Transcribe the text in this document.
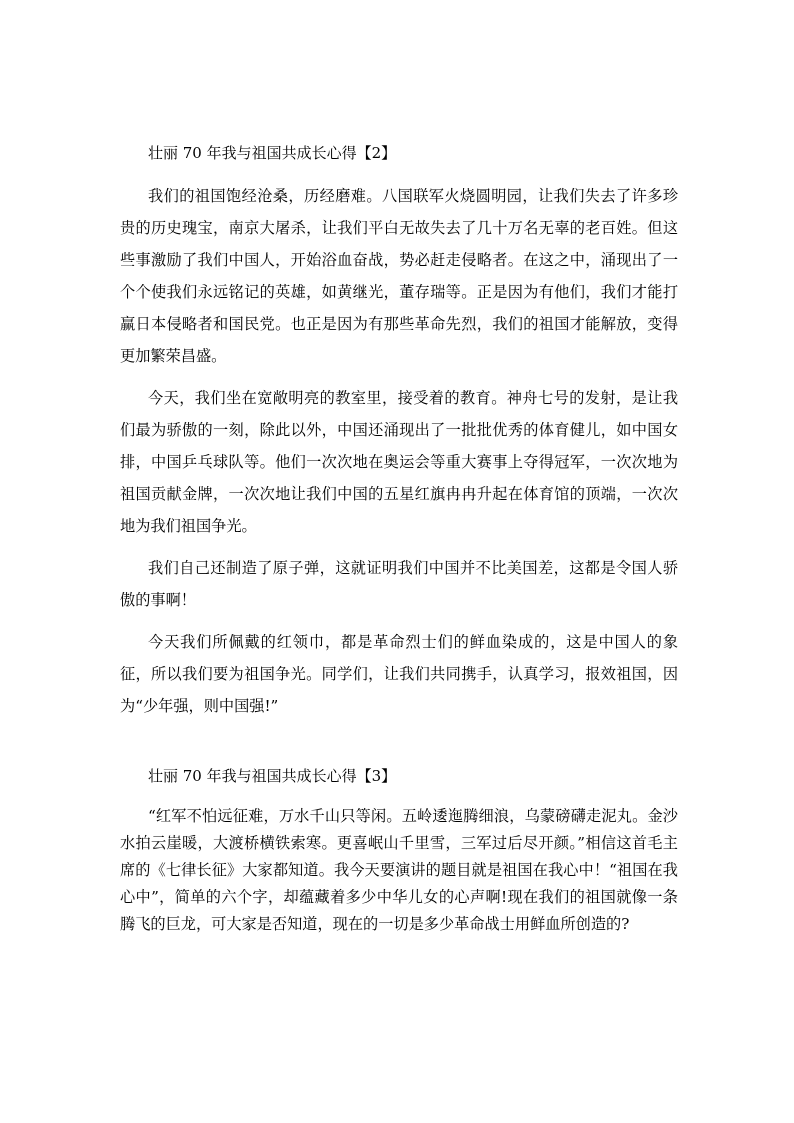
壮丽 70 年我与祖国共成长心得【2】

我们的祖国饱经沧桑，历经磨难。八国联军火烧圆明园，让我们失去了许多珍贵的历史瑰宝，南京大屠杀，让我们平白无故失去了几十万名无辜的老百姓。但这些事激励了我们中国人，开始浴血奋战，势必赶走侵略者。在这之中，涌现出了一个个使我们永远铭记的英雄，如黄继光，董存瑞等。正是因为有他们，我们才能打赢日本侵略者和国民党。也正是因为有那些革命先烈，我们的祖国才能解放，变得更加繁荣昌盛。

今天，我们坐在宽敞明亮的教室里，接受着的教育。神舟七号的发射，是让我们最为骄傲的一刻，除此以外，中国还涌现出了一批批优秀的体育健儿，如中国女排，中国乒乓球队等。他们一次次地在奥运会等重大赛事上夺得冠军，一次次地为祖国贡献金牌，一次次地让我们中国的五星红旗冉冉升起在体育馆的顶端，一次次地为我们祖国争光。

我们自己还制造了原子弹，这就证明我们中国并不比美国差，这都是令国人骄傲的事啊！

今天我们所佩戴的红领巾，都是革命烈士们的鲜血染成的，这是中国人的象征，所以我们要为祖国争光。同学们，让我们共同携手，认真学习，报效祖国，因为“少年强，则中国强!”

壮丽 70 年我与祖国共成长心得【3】

“红军不怕远征难，万水千山只等闲。五岭逶迤腾细浪，乌蒙磅礴走泥丸。金沙水拍云崖暖，大渡桥横铁索寒。更喜岷山千里雪，三军过后尽开颜。”相信这首毛主席的《七律长征》大家都知道。我今天要演讲的题目就是祖国在我心中！“祖国在我心中”，简单的六个字，却蕴藏着多少中华儿女的心声啊!现在我们的祖国就像一条腾飞的巨龙，可大家是否知道，现在的一切是多少革命战士用鲜血所创造的?
